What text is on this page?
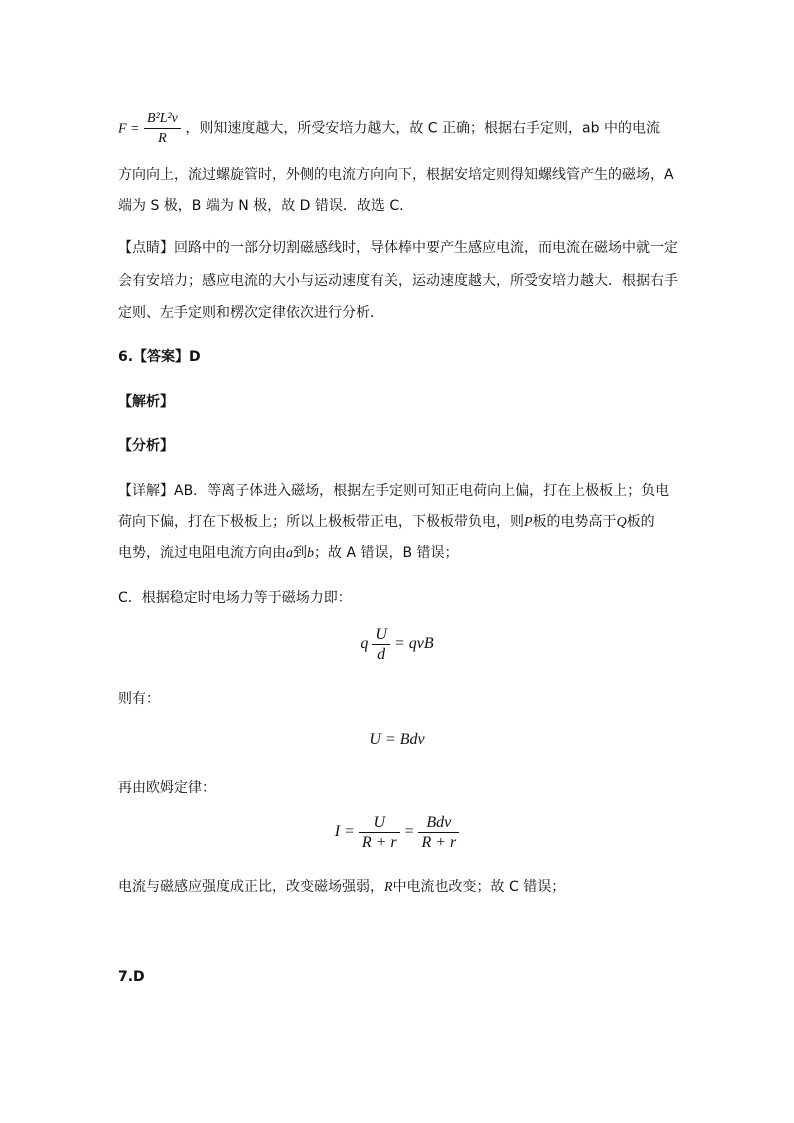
$F = \frac{\text{B²L²v}}{R}$ ，则知速度越大，所受安培力越大，故 C 正确；根据右手定则，ab 中的电流
方向向上，流过螺旋管时，外侧的电流方向向下，根据安培定则得知螺线管产生的磁场，A
端为 S 极，B 端为 N 极，故 D 错误．故选 C.
【点睛】回路中的一部分切割磁感线时，导体棒中要产生感应电流，而电流在磁场中就一定
会有安培力；感应电流的大小与运动速度有关，运动速度越大，所受安培力越大．根据右手
定则、左手定则和楞次定律依次进行分析．
6.【答案】D
【解析】
【分析】
【详解】AB．等离子体进入磁场，根据左手定则可知正电荷向上偏，打在上极板上；负电
荷向下偏，打在下极板上；所以上极板带正电，下极板带负电，则P板的电势高于Q板的
电势，流过电阻电流方向由a到b；故 A 错误，B 错误；
C．根据稳定时电场力等于磁场力即：
q $\frac{U}{d}$ = qvB
则有：
U = Bdv
再由欧姆定律：
$I = \frac{U}{R + r} = \frac{\text{Bdv}}{R + r}$
电流与磁感应强度成正比，改变磁场强弱，R中电流也改变；故 C 错误；
7.D
